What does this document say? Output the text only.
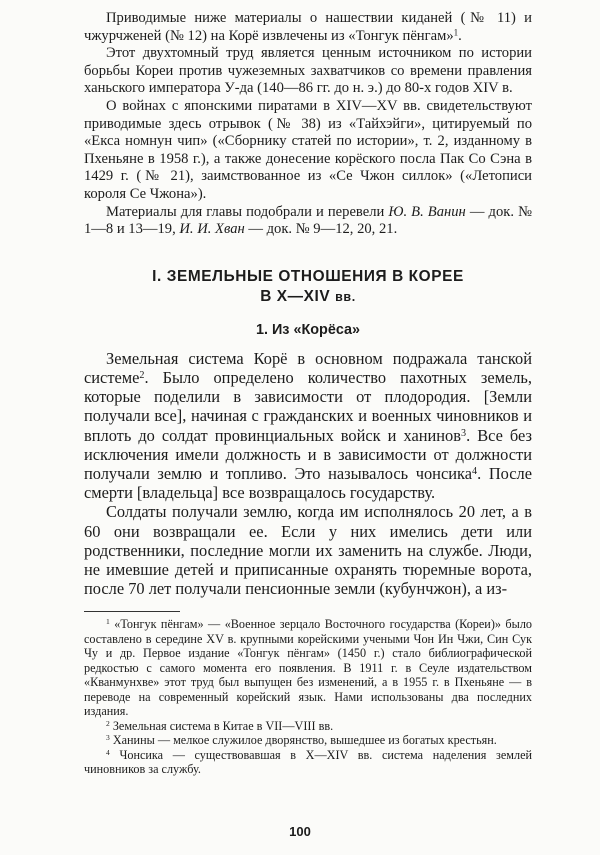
Приводимые ниже материалы о нашествии киданей (№ 11) и чжурчженей (№ 12) на Корё извлечены из «Тонгук пёнгам»$^1$.

Этот двухтомный труд является ценным источником по истории борьбы Кореи против чужеземных захватчиков со времени правления ханьского императора У-да (140—86 гг. до н. э.) до 80-х годов XIV в.

О войнах с японскими пиратами в XIV—XV вв. свидетельствуют приводимые здесь отрывок (№ 38) из «Тайхэйги», цитируемый по «Екса номнун чип» («Сборнику статей по истории», т. 2, изданному в Пхеньяне в 1958 г.), а также донесение корёского посла Пак Со Сэна в 1429 г. (№ 21), заимствованное из «Се Чжон силлок» («Летописи короля Се Чжона»).

Материалы для главы подобрали и перевели Ю. В. Ванин — док. № 1—8 и 13—19, И. И. Хван — док. № 9—12, 20, 21.

I. ЗЕМЕЛЬНЫЕ ОТНОШЕНИЯ В КОРЕЕ
В X—XIV вв.
1. Из «Корёса»

Земельная система Корё в основном подражала танской системе$^2$. Было определено количество пахотных земель, которые поделили в зависимости от плодородия. [Земли получали все], начиная с гражданских и военных чиновников и вплоть до солдат провинциальных войск и ханинов$^3$. Все без исключения имели должность и в зависимости от должности получали землю и топливо. Это называлось чонсика$^4$. После смерти [владельца] все возвращалось государству.

Солдаты получали землю, когда им исполнялось 20 лет, а в 60 они возвращали ее. Если у них имелись дети или родственники, последние могли их заменить на службе. Люди, не имевшие детей и приписанные охранять тюремные ворота, после 70 лет получали пенсионные земли (кубунчжон), а из-

$^1$ «Тонгук пёнгам» — «Военное зерцало Восточного государства (Кореи)» было составлено в середине XV в. крупными корейскими учеными Чон Ин Чжи, Син Сук Чу и др. Первое издание «Тонгук пёнгам» (1450 г.) стало библиографической редкостью с самого момента его появления. В 1911 г. в Сеуле издательством «Кванмунхве» этот труд был выпущен без изменений, а в 1955 г. в Пхеньяне — в переводе на современный корейский язык. Нами использованы два последних издания.

$^2$ Земельная система в Китае в VII—VIII вв.

$^3$ Ханины — мелкое служилое дворянство, вышедшее из богатых крестьян.

$^4$ Чонсика — существовавшая в X—XIV вв. система наделения землей чиновников за службу.

100
